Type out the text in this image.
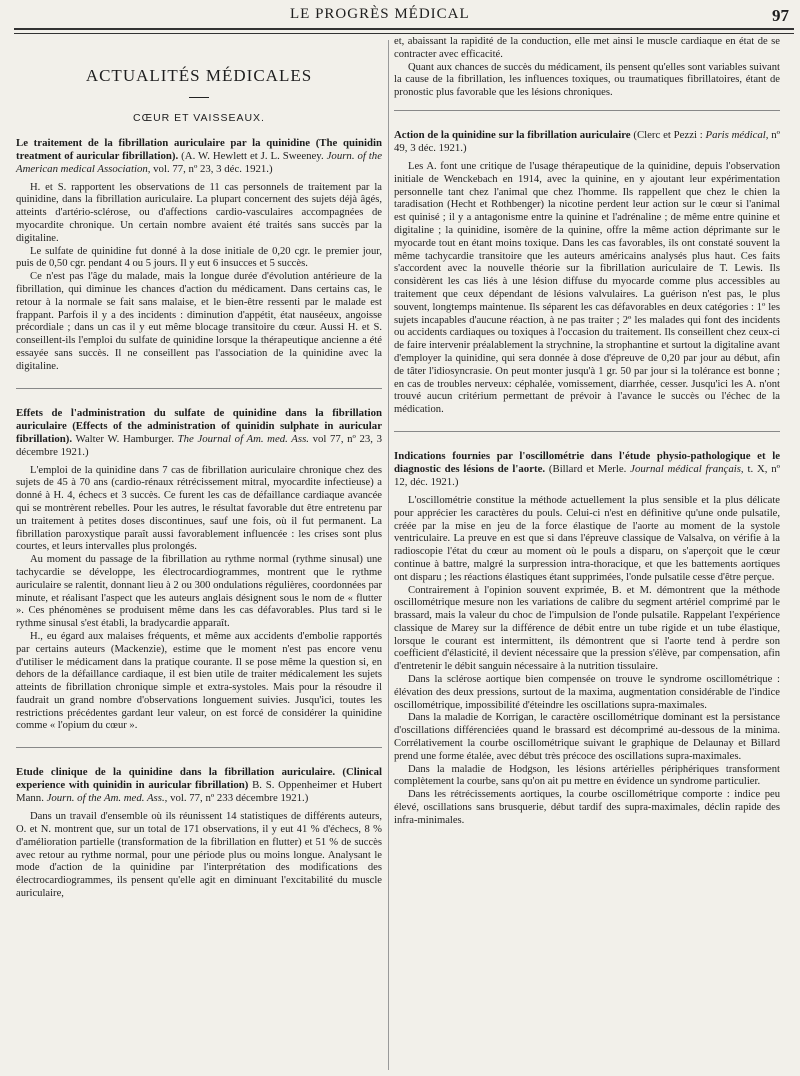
LE PROGRÈS MÉDICAL	97
ACTUALITÉS MÉDICALES
CŒUR ET VAISSEAUX.

Le traitement de la fibrillation auriculaire par la quinidine (The quinidin treatment of auricular fibrillation). (A. W. Hewlett et J. L. Sweeney. Journ. of the American medical Association, vol. 77, nº 23, 3 déc. 1921.)

H. et S. rapportent les observations de 11 cas personnels de traitement par la quinidine, dans la fibrillation auriculaire. La plupart concernent des sujets déjà âgés, atteints d'artério-sclérose, ou d'affections cardio-vasculaires accompagnées de myocardite chronique. Un certain nombre avaient été traités sans succès par la digitaline.

Le sulfate de quinidine fut donné à la dose initiale de 0,20 cgr. le premier jour, puis de 0,50 cgr. pendant 4 ou 5 jours. Il y eut 6 insucces et 5 succès.

Ce n'est pas l'âge du malade, mais la longue durée d'évolution antérieure de la fibrillation, qui diminue les chances d'action du médicament. Dans certains cas, le retour à la normale se fait sans malaise, et le bien-être ressenti par le malade est frappant. Parfois il y a des incidents : diminution d'appétit, état nauséeux, angoisse précordiale ; dans un cas il y eut même blocage transitoire du cœur. Aussi H. et S. conseillent-ils l'emploi du sulfate de quinidine lorsque la thérapeutique ancienne a été essayée sans succès. Il ne conseillent pas l'association de la quinidine avec la digitaline.

Effets de l'administration du sulfate de quinidine dans la fibrillation auriculaire (Effects of the administration of quinidin sulphate in auricular fibrillation). Walter W. Hamburger. The Journal of Am. med. Ass. vol 77, nº 23, 3 décembre 1921.)

L'emploi de la quinidine dans 7 cas de fibrillation auriculaire chronique chez des sujets de 45 à 70 ans (cardio-rénaux rétrécissement mitral, myocardite infectieuse) a donné à H. 4, échecs et 3 succès. Ce furent les cas de défaillance cardiaque avancée qui se montrèrent rebelles. Pour les autres, le résultat favorable dut être entretenu par un traitement à petites doses discontinues, sauf une fois, où il fut permanent. La fibrillation paroxystique paraît aussi favorablement influencée : les crises sont plus courtes, et leurs intervalles plus prolongés.

Au moment du passage de la fibrillation au rythme normal (rythme sinusal) une tachycardie se développe, les électrocardiogrammes, montrent que le rythme auriculaire se ralentit, donnant lieu à 2 ou 300 ondulations régulières, coordonnées par minute, et réalisant l'aspect que les auteurs anglais désignent sous le nom de « flutter ». Ces phénomènes se produisent même dans les cas défavorables. Plus tard si le rythme sinusal s'est établi, la bradycardie apparaît.

H., eu égard aux malaises fréquents, et même aux accidents d'embolie rapportés par certains auteurs (Mackenzie), estime que le moment n'est pas encore venu d'utiliser le médicament dans la pratique courante. Il se pose même la question si, en dehors de la défaillance cardiaque, il est bien utile de traiter médicalement les sujets atteints de fibrillation chronique simple et extra-systoles. Mais pour la résoudre il faudrait un grand nombre d'observations longuement suivies. Jusqu'ici, toutes les restrictions précédentes gardant leur valeur, on est forcé de considérer la quinidine comme « l'opium du cœur ».

Etude clinique de la quinidine dans la fibrillation auriculaire. (Clinical experience with quinidin in auricular fibrillation) B. S. Oppenheimer et Hubert Mann. Journ. of the Am. med. Ass., vol. 77, nº 233 décembre 1921.)

Dans un travail d'ensemble où ils réunissent 14 statistiques de différents auteurs, O. et N. montrent que, sur un total de 171 observations, il y eut 41 % d'échecs, 8 % d'amélioration partielle (transformation de la fibrillation en flutter) et 51 % de succès avec retour au rythme normal, pour une période plus ou moins longue. Analysant le mode d'action de la quinidine par l'interprétation des modifications des électrocardiogrammes, ils pensent qu'elle agit en diminuant l'excitabilité du muscle auriculaire,

et, abaissant la rapidité de la conduction, elle met ainsi le muscle cardiaque en état de se contracter avec efficacité.

Quant aux chances de succès du médicament, ils pensent qu'elles sont variables suivant la cause de la fibrillation, les influences toxiques, ou traumatiques fibrillatoires, étant de pronostic plus favorable que les lésions chroniques.

Action de la quinidine sur la fibrillation auriculaire (Clerc et Pezzi : Paris médical, nº 49, 3 déc. 1921.)

Les A. font une critique de l'usage thérapeutique de la quinidine, depuis l'observation initiale de Wenckebach en 1914, avec la quinine, en y ajoutant leur expérimentation personnelle tant chez l'animal que chez l'homme. Ils rappellent que chez le chien la taradisation (Hecht et Rothbenger) la nicotine perdent leur action sur le cœur si l'animal est quinisé ; il y a antagonisme entre la quinine et l'adrénaline ; de même entre quinine et digitaline ; la quinidine, isomère de la quinine, offre la même action déprimante sur le myocarde tout en étant moins toxique. Dans les cas favorables, ils ont constaté souvent la même tachycardie transitoire que les auteurs américains analysés plus haut. Ces faits s'accordent avec la nouvelle théorie sur la fibrillation auriculaire de T. Lewis. Ils considèrent les cas liés à une lésion diffuse du myocarde comme plus accessibles au traitement que ceux dépendant de lésions valvulaires. La guérison n'est pas, le plus souvent, longtemps maintenue. Ils séparent les cas défavorables en deux catégories : 1º les sujets incapables d'aucune réaction, à ne pas traiter ; 2º les malades qui font des incidents ou accidents cardiaques ou toxiques à l'occasion du traitement. Ils conseillent chez ceux-ci de faire intervenir préalablement la strychnine, la strophantine et surtout la digitaline avant d'employer la quinidine, qui sera donnée à dose d'épreuve de 0,20 par jour au début, afin de tâter l'idiosyncrasie. On peut monter jusqu'à 1 gr. 50 par jour si la tolérance est bonne ; en cas de troubles nerveux: céphalée, vomissement, diarrhée, cesser. Jusqu'ici les A. n'ont trouvé aucun critérium permettant de prévoir à l'avance le succès ou l'échec de la médication.

Indications fournies par l'oscillométrie dans l'étude physio-pathologique et le diagnostic des lésions de l'aorte. (Billard et Merle. Journal médical français, t. X, nº 12, déc. 1921.)

L'oscillométrie constitue la méthode actuellement la plus sensible et la plus délicate pour apprécier les caractères du pouls. Celui-ci n'est en définitive qu'une onde pulsatile, créée par la mise en jeu de la force élastique de l'aorte au moment de la systole ventriculaire. La preuve en est que si dans l'épreuve classique de Valsalva, on vérifie à la radioscopie l'état du cœur au moment où le pouls a disparu, on s'aperçoit que le cœur continue à battre, malgré la surpression intra-thoracique, et que les battements aortiques ont disparu ; les réactions élastiques étant supprimées, l'onde pulsatile cesse d'être perçue.

Contrairement à l'opinion souvent exprimée, B. et M. démontrent que la méthode oscillométrique mesure non les variations de calibre du segment artériel comprimé par le brassard, mais la valeur du choc de l'impulsion de l'onde pulsatile. Rappelant l'expérience classique de Marey sur la différence de débit entre un tube rigide et un tube élastique, lorsque le courant est intermittent, ils démontrent que si l'aorte tend à perdre son coefficient d'élasticité, il devient nécessaire que la pression s'élève, par compensation, afin d'entretenir le débit sanguin nécessaire à la nutrition tissulaire.

Dans la sclérose aortique bien compensée on trouve le syndrome oscillométrique : élévation des deux pressions, surtout de la maxima, augmentation considérable de l'indice oscillométrique, impossibilité d'éteindre les oscillations supra-maximales.

Dans la maladie de Korrigan, le caractère oscillométrique dominant est la persistance d'oscillations différenciées quand le brassard est décomprimé au-dessous de la minima. Corrélativement la courbe oscillométrique suivant le graphique de Delaunay et Billard prend une forme étalée, avec début très précoce des oscillations supra-maximales.

Dans la maladie de Hodgson, les lésions artérielles périphériques transforment complètement la courbe, sans qu'on ait pu mettre en évidence un syndrome particulier.

Dans les rétrécissements aortiques, la courbe oscillométrique comporte : indice peu élevé, oscillations sans brusquerie, début tardif des supra-maximales, déclin rapide des infra-minimales.
